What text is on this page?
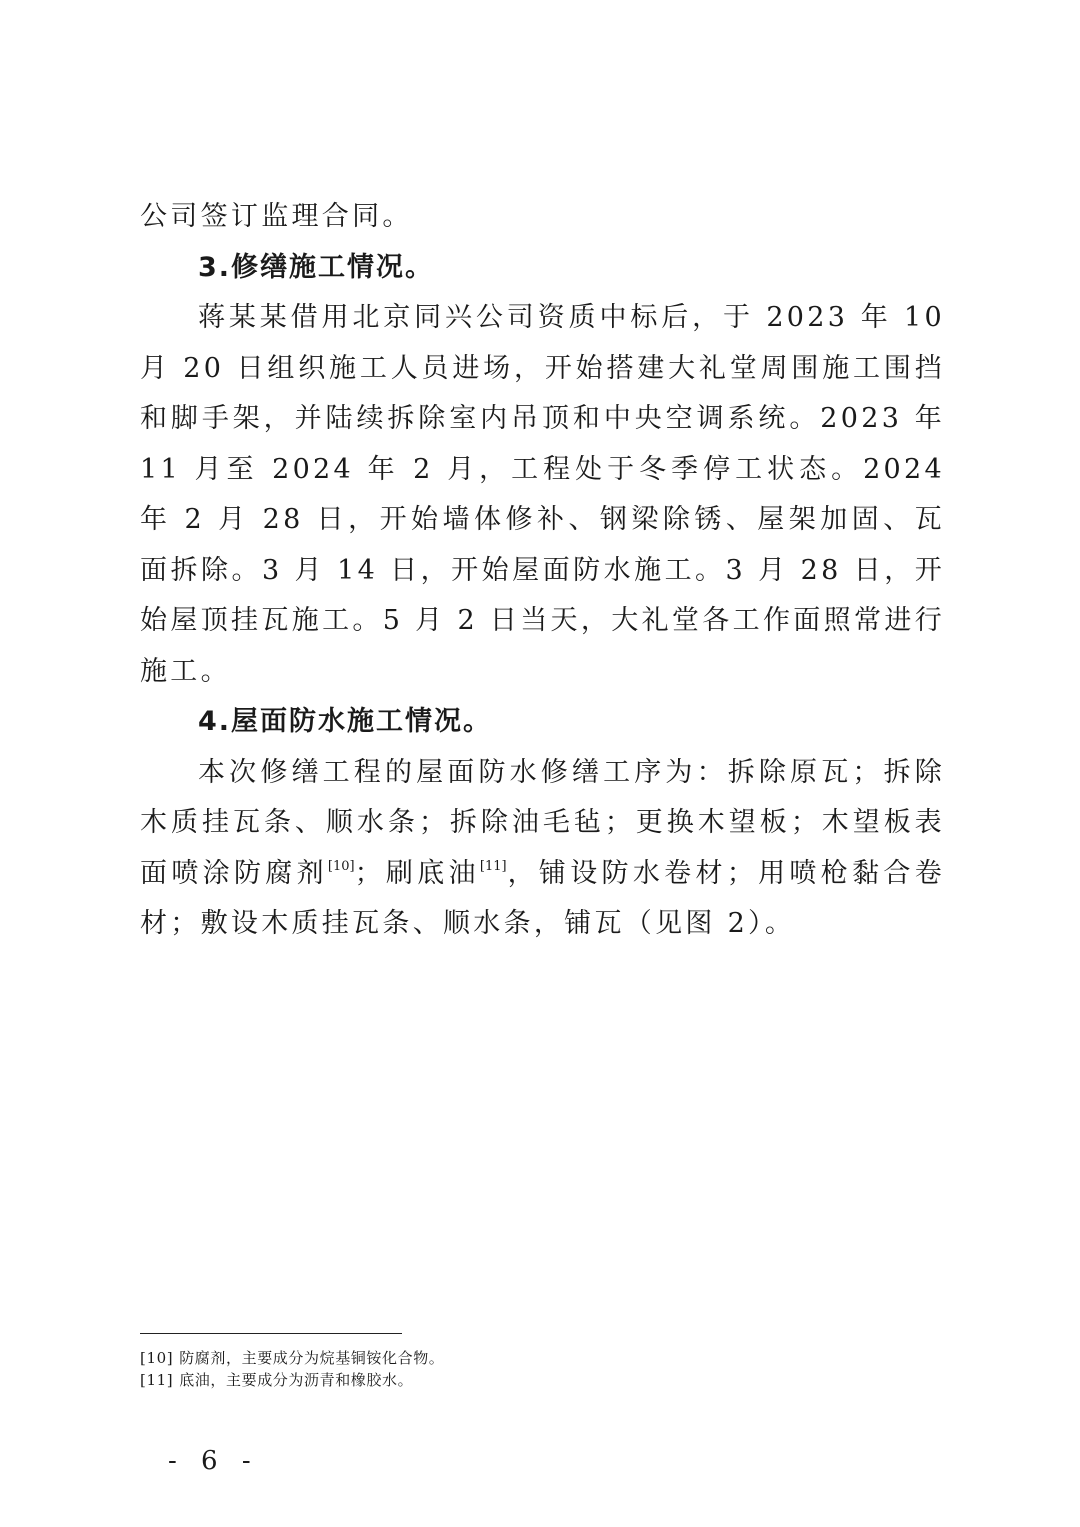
公司签订监理合同。

3.修缮施工情况。

蒋某某借用北京同兴公司资质中标后，于 2023 年 10 月 20 日组织施工人员进场，开始搭建大礼堂周围施工围挡和脚手架，并陆续拆除室内吊顶和中央空调系统。2023 年 11 月至 2024 年 2 月，工程处于冬季停工状态。2024 年 2 月 28 日，开始墙体修补、钢梁除锈、屋架加固、瓦面拆除。3 月 14 日，开始屋面防水施工。3 月 28 日，开始屋顶挂瓦施工。5 月 2 日当天，大礼堂各工作面照常进行施工。

4.屋面防水施工情况。

本次修缮工程的屋面防水修缮工序为：拆除原瓦；拆除木质挂瓦条、顺水条；拆除油毛毡；更换木望板；木望板表面喷涂防腐剂[10]；刷底油[11]，铺设防水卷材；用喷枪黏合卷材；敷设木质挂瓦条、顺水条，铺瓦（见图 2）。

[10] 防腐剂，主要成分为烷基铜铵化合物。

[11] 底油，主要成分为沥青和橡胶水。

- 6 -
